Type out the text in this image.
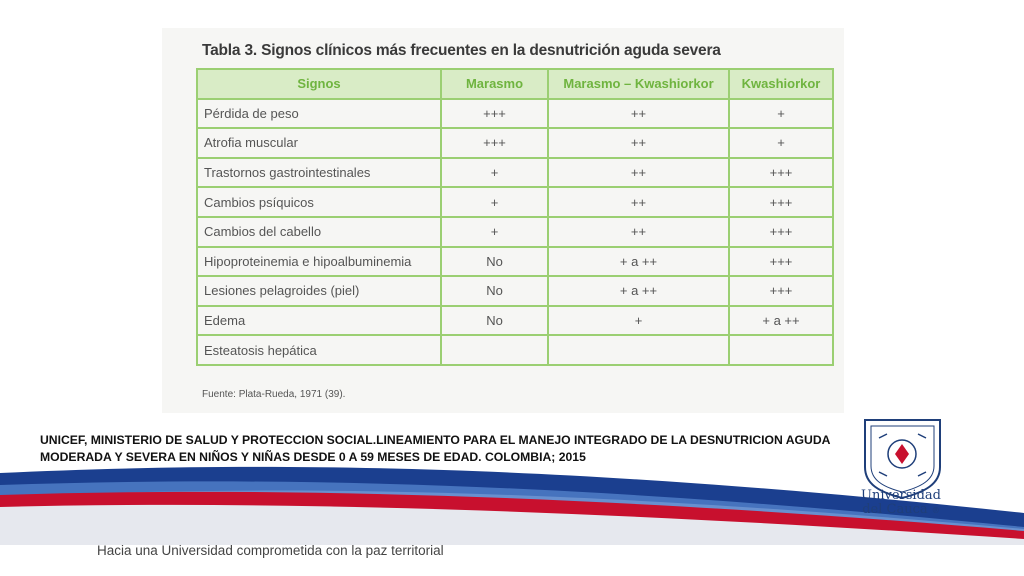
Tabla 3. Signos clínicos más frecuentes en la desnutrición aguda severa
Signos	Marasmo	Marasmo – Kwashiorkor	Kwashiorkor
Pérdida de peso	+++	++	+
Atrofia muscular	+++	++	+
Trastornos gastrointestinales	+	++	+++
Cambios psíquicos	+	++	+++
Cambios del cabello	+	++	+++
Hipoproteinemia e hipoalbuminemia	No	+ a ++	+++
Lesiones pelagroides (piel)	No	+ a ++	+++
Edema	No	+	+ a ++
Esteatosis hepática			
Fuente: Plata-Rueda, 1971 (39).
UNICEF, MINISTERIO DE SALUD Y PROTECCION SOCIAL.LINEAMIENTO PARA EL MANEJO INTEGRADO DE LA DESNUTRICION AGUDA
MODERADA Y SEVERA EN NIÑOS Y NIÑAS DESDE 0 A 59 MESES DE EDAD. COLOMBIA; 2015
Hacia una Universidad comprometida con la paz territorial
Universidad
del Cauca ®
